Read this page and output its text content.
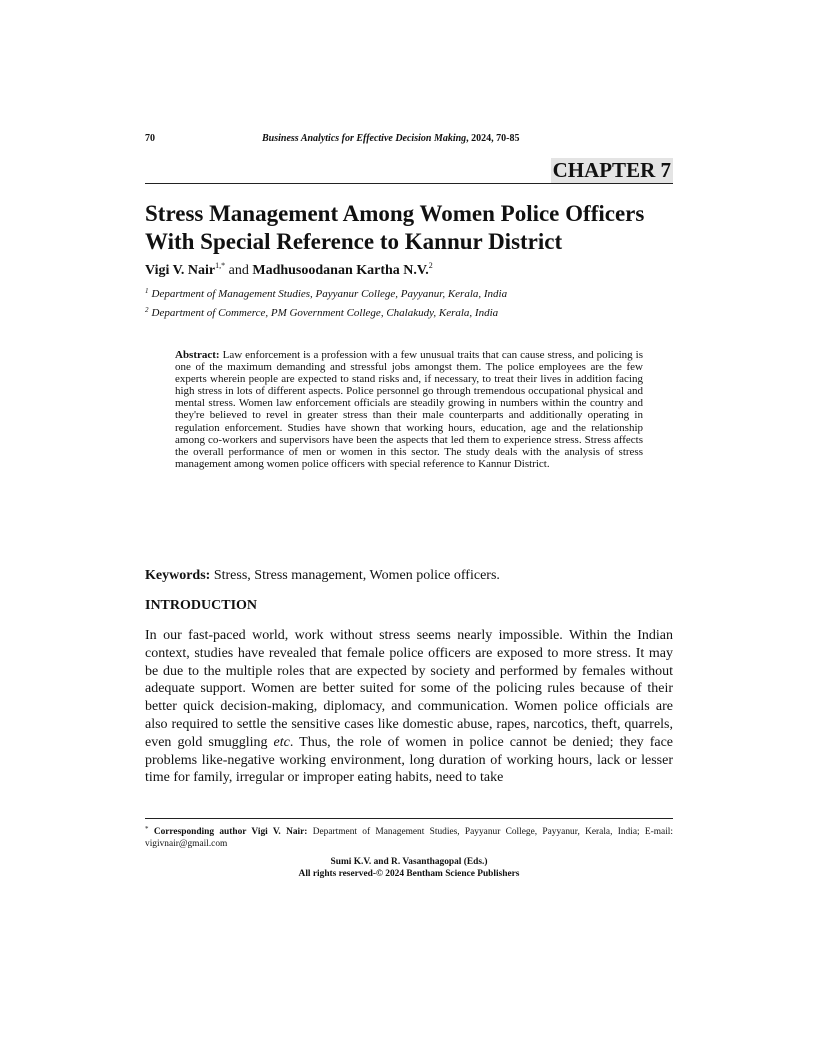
70	Business Analytics for Effective Decision Making, 2024, 70-85
CHAPTER 7
Stress Management Among Women Police Officers With Special Reference to Kannur District
Vigi V. Nair$^{1,*}$ and Madhusoodanan Kartha N.V.$^2$
$^1$ Department of Management Studies, Payyanur College, Payyanur, Kerala, India
$^2$ Department of Commerce, PM Government College, Chalakudy, Kerala, India
Abstract: Law enforcement is a profession with a few unusual traits that can cause stress, and policing is one of the maximum demanding and stressful jobs amongst them. The police employees are the few experts wherein people are expected to stand risks and, if necessary, to treat their lives in addition facing high stress in lots of different aspects. Police personnel go through tremendous occupational physical and mental stress. Women law enforcement officials are steadily growing in numbers within the country and they're believed to revel in greater stress than their male counterparts and additionally operating in regulation enforcement. Studies have shown that working hours, education, age and the relationship among co-workers and supervisors have been the aspects that led them to experience stress. Stress affects the overall performance of men or women in this sector. The study deals with the analysis of stress management among women police officers with special reference to Kannur District.
Keywords: Stress, Stress management, Women police officers.
INTRODUCTION
In our fast-paced world, work without stress seems nearly impossible. Within the Indian context, studies have revealed that female police officers are exposed to more stress. It may be due to the multiple roles that are expected by society and performed by females without adequate support. Women are better suited for some of the policing rules because of their better quick decision-making, diplomacy, and communication. Women police officials are also required to settle the sensitive cases like domestic abuse, rapes, narcotics, theft, quarrels, even gold smuggling etc. Thus, the role of women in police cannot be denied; they face problems like-negative working environment, long duration of working hours, lack or lesser time for family, irregular or improper eating habits, need to take
* Corresponding author Vigi V. Nair: Department of Management Studies, Payyanur College, Payyanur, Kerala, India; E-mail: vigivnair@gmail.com
Sumi K.V. and R. Vasanthagopal (Eds.)
All rights reserved-© 2024 Bentham Science Publishers
